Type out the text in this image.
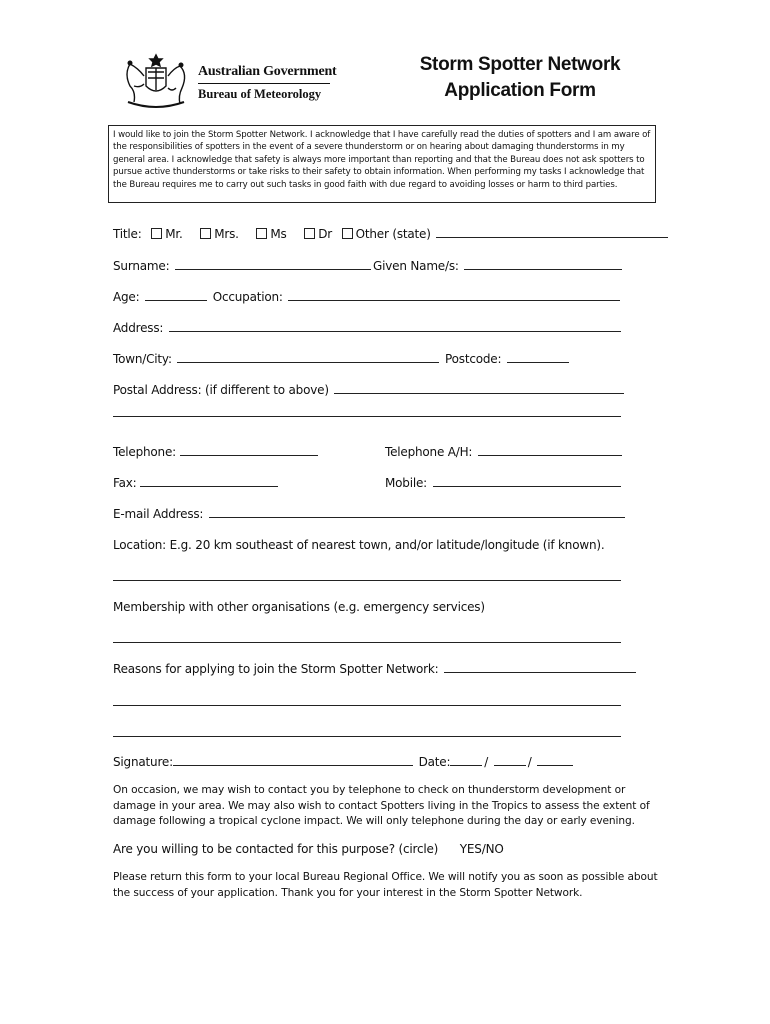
Australian Government
Bureau of Meteorology
Storm Spotter Network
Application Form
I would like to join the Storm Spotter Network. I acknowledge that I have carefully read the duties of spotters and I am aware of the responsibilities of spotters in the event of a severe thunderstorm or on hearing about damaging thunderstorms in my general area. I acknowledge that safety is always more important than reporting and that the Bureau does not ask spotters to pursue active thunderstorms or take risks to their safety to obtain information. When performing my tasks I acknowledge that the Bureau requires me to carry out such tasks in good faith with due regard to avoiding losses or harm to third parties.
Title: Mr.	Mrs.	Ms	Dr Other (state)
Surname:	Given Name/s:
Age:	Occupation:
Address:
Town/City:	Postcode:
Postal Address: (if different to above)
Telephone:	Telephone A/H:
Fax:	Mobile:
E-mail Address:
Location: E.g. 20 km southeast of nearest town, and/or latitude/longitude (if known).
Membership with other organisations (e.g. emergency services)
Reasons for applying to join the Storm Spotter Network:
Signature:	Date:	/	/
On occasion, we may wish to contact you by telephone to check on thunderstorm development or damage in your area. We may also wish to contact Spotters living in the Tropics to assess the extent of damage following a tropical cyclone impact. We will only telephone during the day or early evening.
Are you willing to be contacted for this purpose? (circle) YES/NO
Please return this form to your local Bureau Regional Office. We will notify you as soon as possible about the success of your application. Thank you for your interest in the Storm Spotter Network.
